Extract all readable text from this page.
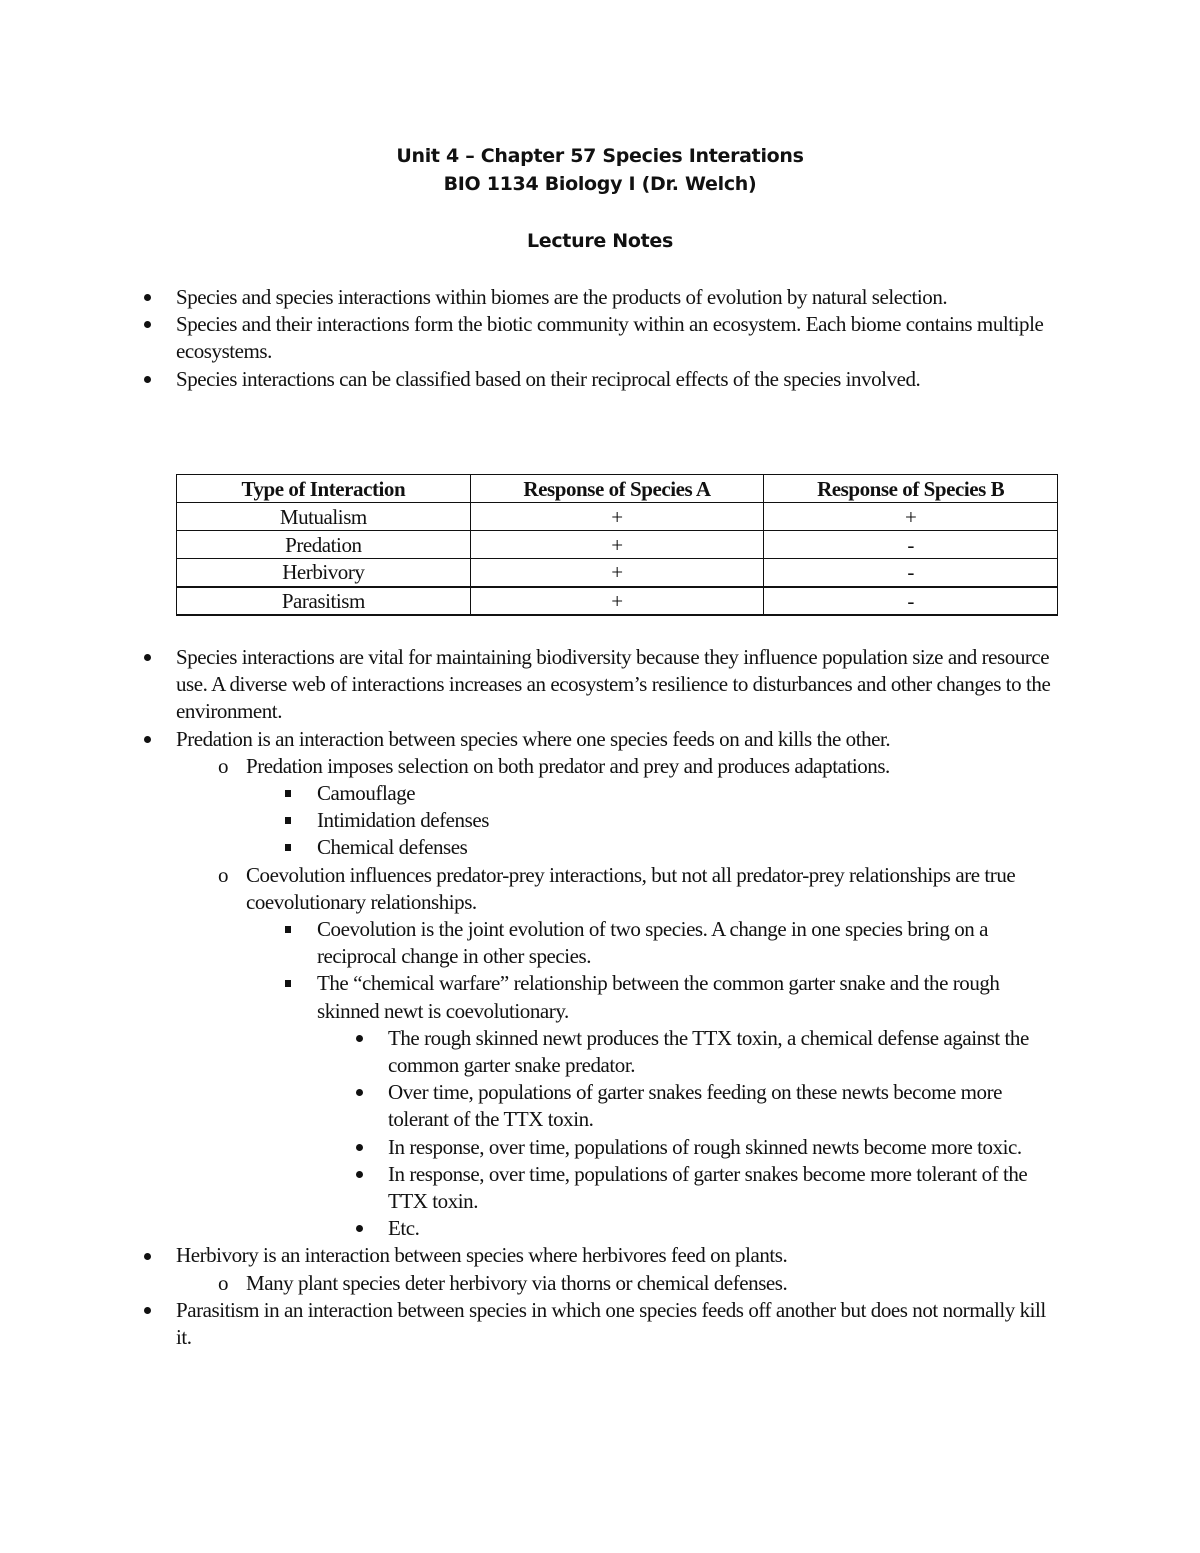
Unit 4 – Chapter 57 Species Interations
BIO 1134 Biology I (Dr. Welch)
Lecture Notes
Species and species interactions within biomes are the products of evolution by natural selection.
Species and their interactions form the biotic community within an ecosystem. Each biome contains multiple ecosystems.
Species interactions can be classified based on their reciprocal effects of the species involved.
Type of Interaction	Response of Species A	Response of Species B
Mutualism	+	+
Predation	+	-
Herbivory	+	-
Parasitism	+	-
Species interactions are vital for maintaining biodiversity because they influence population size and resource use. A diverse web of interactions increases an ecosystem’s resilience to disturbances and other changes to the environment.
Predation is an interaction between species where one species feeds on and kills the other.
o Predation imposes selection on both predator and prey and produces adaptations.
Camouflage
Intimidation defenses
Chemical defenses
o Coevolution influences predator-prey interactions, but not all predator-prey relationships are true coevolutionary relationships.
Coevolution is the joint evolution of two species. A change in one species bring on a reciprocal change in other species.
The “chemical warfare” relationship between the common garter snake and the rough skinned newt is coevolutionary.
The rough skinned newt produces the TTX toxin, a chemical defense against the common garter snake predator.
Over time, populations of garter snakes feeding on these newts become more tolerant of the TTX toxin.
In response, over time, populations of rough skinned newts become more toxic.
In response, over time, populations of garter snakes become more tolerant of the TTX toxin.
Etc.
Herbivory is an interaction between species where herbivores feed on plants.
o Many plant species deter herbivory via thorns or chemical defenses.
Parasitism in an interaction between species in which one species feeds off another but does not normally kill it.
